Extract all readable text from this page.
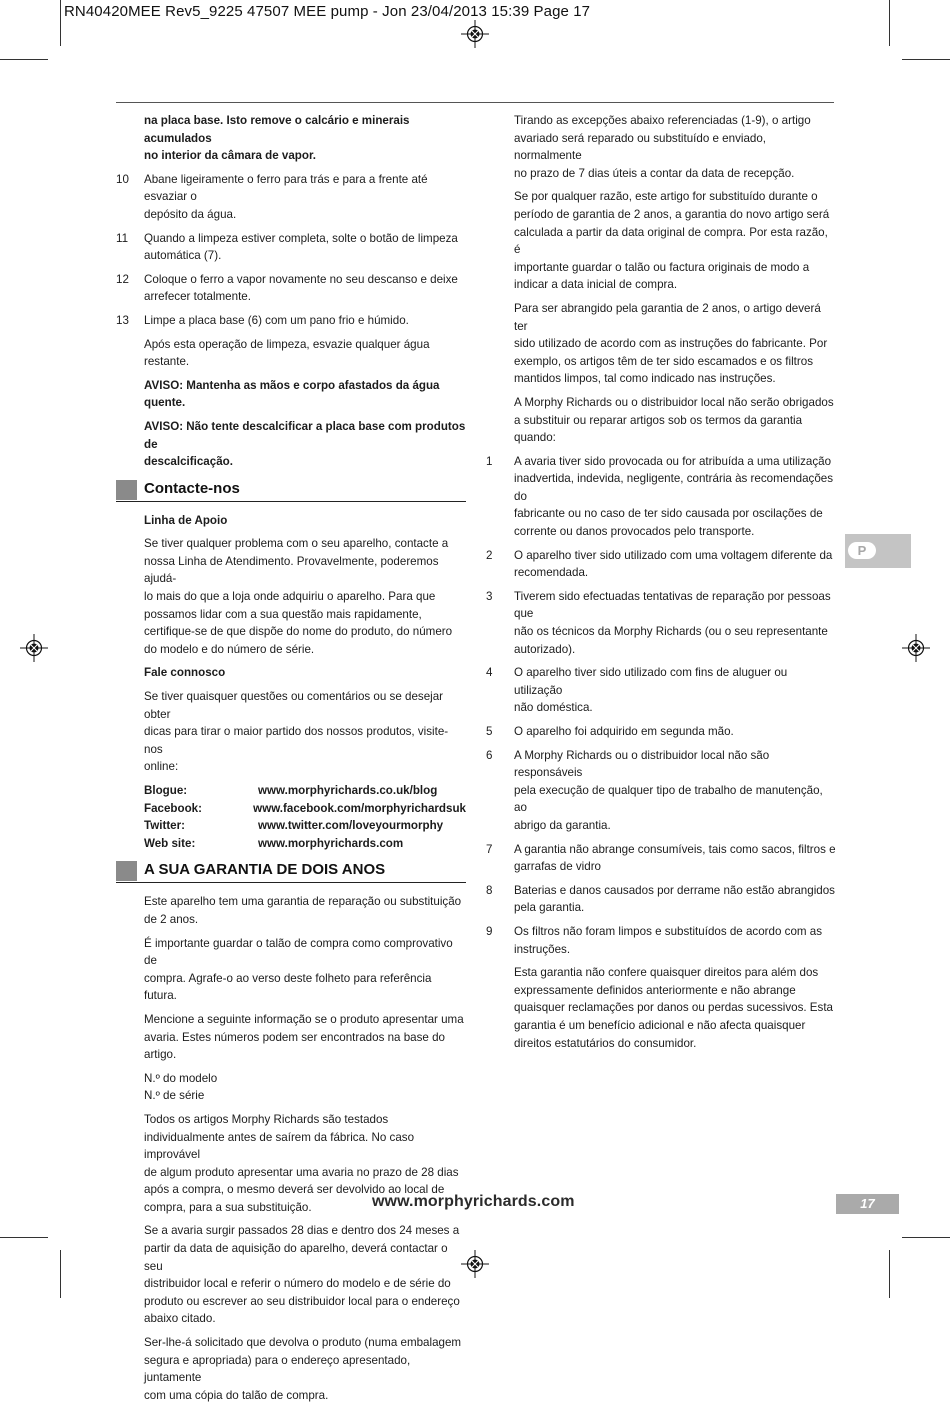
RN40420MEE Rev5_9225 47507 MEE pump - Jon 23/04/2013 15:39 Page 17
na placa base. Isto remove o calcário e minerais acumulados
no interior da câmara de vapor.
10 Abane ligeiramente o ferro para trás e para a frente até esvaziar o
depósito da água.
11 Quando a limpeza estiver completa, solte o botão de limpeza
automática (7).
12 Coloque o ferro a vapor novamente no seu descanso e deixe
arrefecer totalmente.
13 Limpe a placa base (6) com um pano frio e húmido.

Após esta operação de limpeza, esvazie qualquer água restante.

AVISO: Mantenha as mãos e corpo afastados da água quente.

AVISO: Não tente descalcificar a placa base com produtos de
descalcificação.
Contacte-nos

Linha de Apoio

Se tiver qualquer problema com o seu aparelho, contacte a
nossa Linha de Atendimento. Provavelmente, poderemos ajudá-
lo mais do que a loja onde adquiriu o aparelho. Para que
possamos lidar com a sua questão mais rapidamente,
certifique-se de que dispõe do nome do produto, do número
do modelo e do número de série.

Fale connosco

Se tiver quaisquer questões ou comentários ou se desejar obter
dicas para tirar o maior partido dos nossos produtos, visite-nos
online:
Blogue:	www.morphyrichards.co.uk/blog
Facebook:	www.facebook.com/morphyrichardsuk
Twitter:	www.twitter.com/loveyourmorphy
Web site:	www.morphyrichards.com
A SUA GARANTIA DE DOIS ANOS
Este aparelho tem uma garantia de reparação ou substituição
de 2 anos.
É importante guardar o talão de compra como comprovativo de
compra. Agrafe-o ao verso deste folheto para referência futura.
Mencione a seguinte informação se o produto apresentar uma
avaria. Estes números podem ser encontrados na base do
artigo.
N.º do modelo
N.º de série
Todos os artigos Morphy Richards são testados
individualmente antes de saírem da fábrica. No caso improvável
de algum produto apresentar uma avaria no prazo de 28 dias
após a compra, o mesmo deverá ser devolvido ao local de
compra, para a sua substituição.
Se a avaria surgir passados 28 dias e dentro dos 24 meses a
partir da data de aquisição do aparelho, deverá contactar o seu
distribuidor local e referir o número do modelo e de série do
produto ou escrever ao seu distribuidor local para o endereço
abaixo citado.
Ser-lhe-á solicitado que devolva o produto (numa embalagem
segura e apropriada) para o endereço apresentado, juntamente
com uma cópia do talão de compra.
Tirando as excepções abaixo referenciadas (1-9), o artigo
avariado será reparado ou substituído e enviado, normalmente
no prazo de 7 dias úteis a contar da data de recepção.
Se por qualquer razão, este artigo for substituído durante o
período de garantia de 2 anos, a garantia do novo artigo será
calculada a partir da data original de compra. Por esta razão, é
importante guardar o talão ou factura originais de modo a
indicar a data inicial de compra.
Para ser abrangido pela garantia de 2 anos, o artigo deverá ter
sido utilizado de acordo com as instruções do fabricante. Por
exemplo, os artigos têm de ter sido escamados e os filtros
mantidos limpos, tal como indicado nas instruções.
A Morphy Richards ou o distribuidor local não serão obrigados
a substituir ou reparar artigos sob os termos da garantia
quando:
1 A avaria tiver sido provocada ou for atribuída a uma utilização
inadvertida, indevida, negligente, contrária às recomendações do
fabricante ou no caso de ter sido causada por oscilações de
corrente ou danos provocados pelo transporte.
2 O aparelho tiver sido utilizado com uma voltagem diferente da
recomendada.
3 Tiverem sido efectuadas tentativas de reparação por pessoas que
não os técnicos da Morphy Richards (ou o seu representante
autorizado).
4 O aparelho tiver sido utilizado com fins de aluguer ou utilização
não doméstica.
5 O aparelho foi adquirido em segunda mão.
6 A Morphy Richards ou o distribuidor local não são responsáveis
pela execução de qualquer tipo de trabalho de manutenção, ao
abrigo da garantia.
7 A garantia não abrange consumíveis, tais como sacos, filtros e
garrafas de vidro
8 Baterias e danos causados por derrame não estão abrangidos
pela garantia.
9 Os filtros não foram limpos e substituídos de acordo com as
instruções.
Esta garantia não confere quaisquer direitos para além dos
expressamente definidos anteriormente e não abrange
quaisquer reclamações por danos ou perdas sucessivos. Esta
garantia é um benefício adicional e não afecta quaisquer
direitos estatutários do consumidor.
P
www.morphyrichards.com	17
